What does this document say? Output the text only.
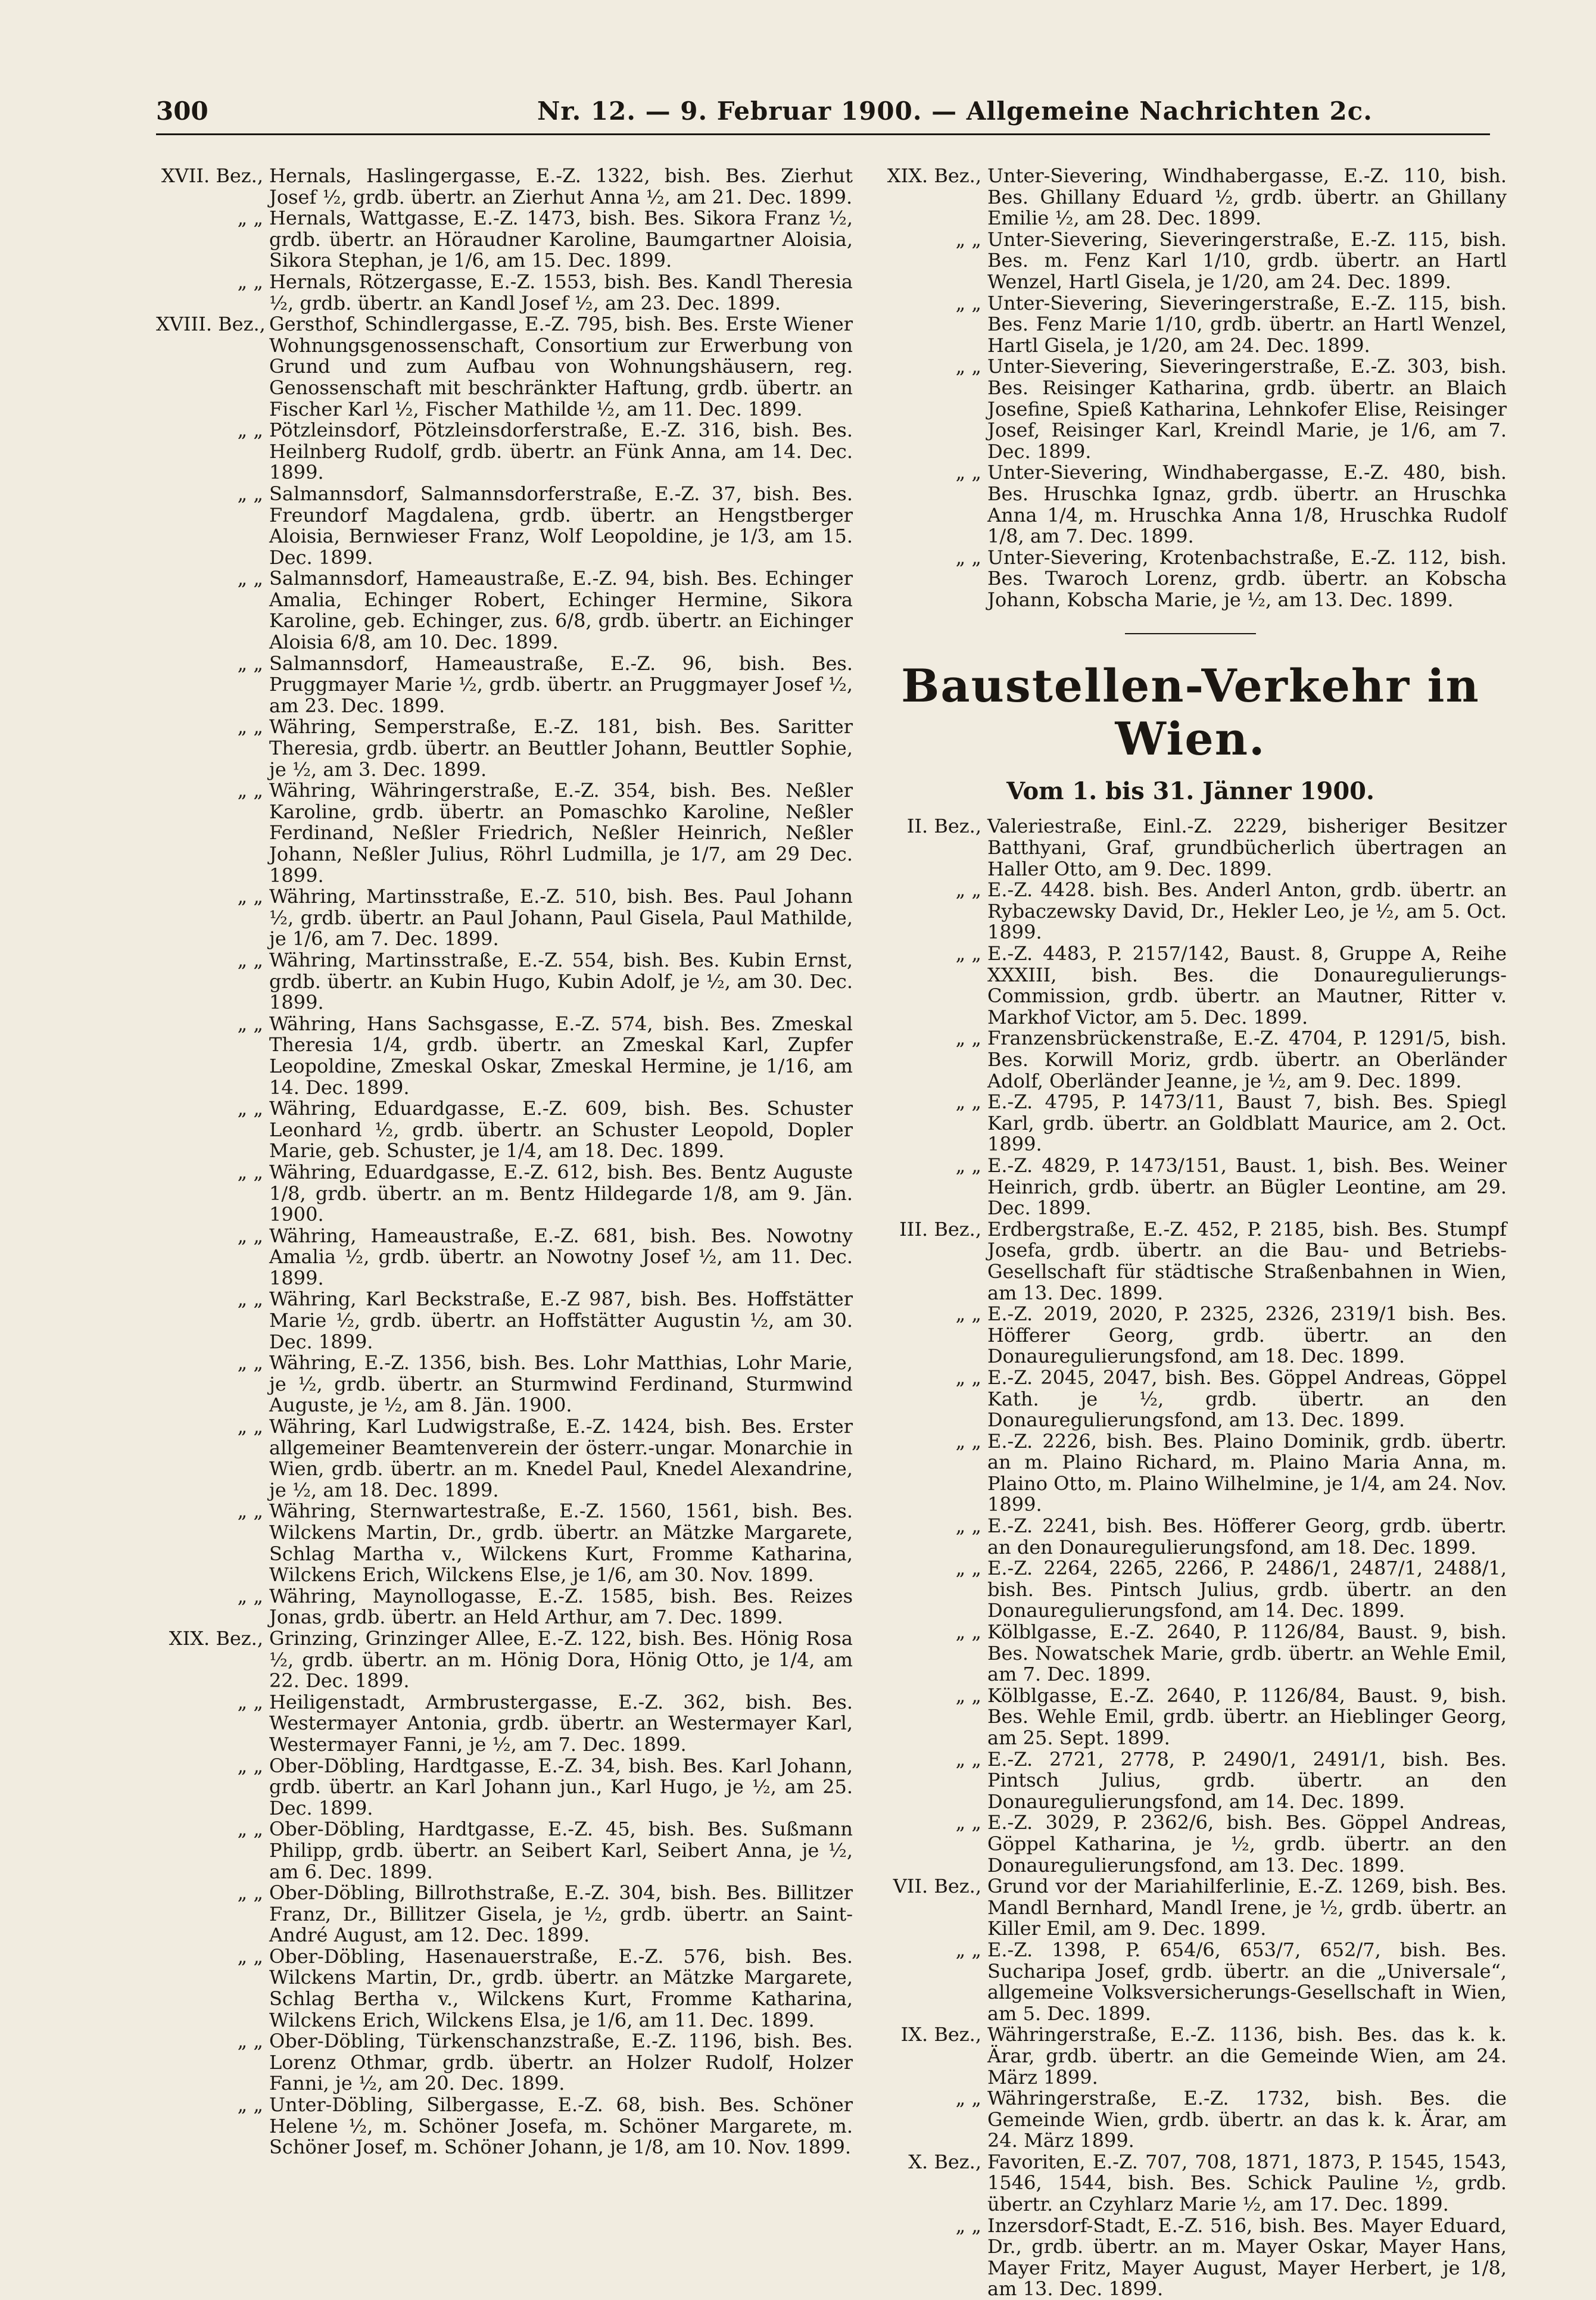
300	Nr. 12. — 9. Februar 1900. — Allgemeine Nachrichten 2c.
XVII. Bez., Hernals, Haslingergasse, E.-Z. 1322, bish. Bes. Zierhut Josef ½, grdb. übertr. an Zierhut Anna ½, am 21. Dec. 1899.
„ „ Hernals, Wattgasse, E.-Z. 1473, bish. Bes. Sikora Franz ½, grdb. übertr. an Höraudner Karoline, Baumgartner Aloisia, Sikora Stephan, je 1/6, am 15. Dec. 1899.
„ „ Hernals, Rötzergasse, E.-Z. 1553, bish. Bes. Kandl Theresia ½, grdb. übertr. an Kandl Josef ½, am 23. Dec. 1899.
XVIII. Bez., Gersthof, Schindlergasse, E.-Z. 795, bish. Bes. Erste Wiener Wohnungsgenossenschaft, Consortium zur Erwerbung von Grund und zum Aufbau von Wohnungshäusern, reg. Genossenschaft mit beschränkter Haftung, grdb. übertr. an Fischer Karl ½, Fischer Mathilde ½, am 11. Dec. 1899.
„ „ Pötzleinsdorf, Pötzleinsdorferstraße, E.-Z. 316, bish. Bes. Heilnberg Rudolf, grdb. übertr. an Fünk Anna, am 14. Dec. 1899.
„ „ Salmannsdorf, Salmannsdorferstraße, E.-Z. 37, bish. Bes. Freundorf Magdalena, grdb. übertr. an Hengstberger Aloisia, Bernwieser Franz, Wolf Leopoldine, je 1/3, am 15. Dec. 1899.
„ „ Salmannsdorf, Hameaustraße, E.-Z. 94, bish. Bes. Echinger Amalia, Echinger Robert, Echinger Hermine, Sikora Karoline, geb. Echinger, zus. 6/8, grdb. übertr. an Eichinger Aloisia 6/8, am 10. Dec. 1899.
„ „ Salmannsdorf, Hameaustraße, E.-Z. 96, bish. Bes. Pruggmayer Marie ½, grdb. übertr. an Pruggmayer Josef ½, am 23. Dec. 1899.
„ „ Währing, Semperstraße, E.-Z. 181, bish. Bes. Saritter Theresia, grdb. übertr. an Beuttler Johann, Beuttler Sophie, je ½, am 3. Dec. 1899.
„ „ Währing, Währingerstraße, E.-Z. 354, bish. Bes. Neßler Karoline, grdb. übertr. an Pomaschko Karoline, Neßler Ferdinand, Neßler Friedrich, Neßler Heinrich, Neßler Johann, Neßler Julius, Röhrl Ludmilla, je 1/7, am 29 Dec. 1899.
„ „ Währing, Martinsstraße, E.-Z. 510, bish. Bes. Paul Johann ½, grdb. übertr. an Paul Johann, Paul Gisela, Paul Mathilde, je 1/6, am 7. Dec. 1899.
„ „ Währing, Martinsstraße, E.-Z. 554, bish. Bes. Kubin Ernst, grdb. übertr. an Kubin Hugo, Kubin Adolf, je ½, am 30. Dec. 1899.
„ „ Währing, Hans Sachsgasse, E.-Z. 574, bish. Bes. Zmeskal Theresia 1/4, grdb. übertr. an Zmeskal Karl, Zupfer Leopoldine, Zmeskal Oskar, Zmeskal Hermine, je 1/16, am 14. Dec. 1899.
„ „ Währing, Eduardgasse, E.-Z. 609, bish. Bes. Schuster Leonhard ½, grdb. übertr. an Schuster Leopold, Dopler Marie, geb. Schuster, je 1/4, am 18. Dec. 1899.
„ „ Währing, Eduardgasse, E.-Z. 612, bish. Bes. Bentz Auguste 1/8, grdb. übertr. an m. Bentz Hildegarde 1/8, am 9. Jän. 1900.
„ „ Währing, Hameaustraße, E.-Z. 681, bish. Bes. Nowotny Amalia ½, grdb. übertr. an Nowotny Josef ½, am 11. Dec. 1899.
„ „ Währing, Karl Beckstraße, E.-Z 987, bish. Bes. Hoffstätter Marie ½, grdb. übertr. an Hoffstätter Augustin ½, am 30. Dec. 1899.
„ „ Währing, E.-Z. 1356, bish. Bes. Lohr Matthias, Lohr Marie, je ½, grdb. übertr. an Sturmwind Ferdinand, Sturmwind Auguste, je ½, am 8. Jän. 1900.
„ „ Währing, Karl Ludwigstraße, E.-Z. 1424, bish. Bes. Erster allgemeiner Beamtenverein der österr.-ungar. Monarchie in Wien, grdb. übertr. an m. Knedel Paul, Knedel Alexandrine, je ½, am 18. Dec. 1899.
„ „ Währing, Sternwartestraße, E.-Z. 1560, 1561, bish. Bes. Wilckens Martin, Dr., grdb. übertr. an Mätzke Margarete, Schlag Martha v., Wilckens Kurt, Fromme Katharina, Wilckens Erich, Wilckens Else, je 1/6, am 30. Nov. 1899.
„ „ Währing, Maynollogasse, E.-Z. 1585, bish. Bes. Reizes Jonas, grdb. übertr. an Held Arthur, am 7. Dec. 1899.
XIX. Bez., Grinzing, Grinzinger Allee, E.-Z. 122, bish. Bes. Hönig Rosa ½, grdb. übertr. an m. Hönig Dora, Hönig Otto, je 1/4, am 22. Dec. 1899.
„ „ Heiligenstadt, Armbrustergasse, E.-Z. 362, bish. Bes. Westermayer Antonia, grdb. übertr. an Westermayer Karl, Westermayer Fanni, je ½, am 7. Dec. 1899.
„ „ Ober-Döbling, Hardtgasse, E.-Z. 34, bish. Bes. Karl Johann, grdb. übertr. an Karl Johann jun., Karl Hugo, je ½, am 25. Dec. 1899.
„ „ Ober-Döbling, Hardtgasse, E.-Z. 45, bish. Bes. Sußmann Philipp, grdb. übertr. an Seibert Karl, Seibert Anna, je ½, am 6. Dec. 1899.
„ „ Ober-Döbling, Billrothstraße, E.-Z. 304, bish. Bes. Billitzer Franz, Dr., Billitzer Gisela, je ½, grdb. übertr. an Saint-André August, am 12. Dec. 1899.
„ „ Ober-Döbling, Hasenauerstraße, E.-Z. 576, bish. Bes. Wilckens Martin, Dr., grdb. übertr. an Mätzke Margarete, Schlag Bertha v., Wilckens Kurt, Fromme Katharina, Wilckens Erich, Wilckens Elsa, je 1/6, am 11. Dec. 1899.
„ „ Ober-Döbling, Türkenschanzstraße, E.-Z. 1196, bish. Bes. Lorenz Othmar, grdb. übertr. an Holzer Rudolf, Holzer Fanni, je ½, am 20. Dec. 1899.
„ „ Unter-Döbling, Silbergasse, E.-Z. 68, bish. Bes. Schöner Helene ½, m. Schöner Josefa, m. Schöner Margarete, m. Schöner Josef, m. Schöner Johann, je 1/8, am 10. Nov. 1899.
XIX. Bez., Unter-Sievering, Windhabergasse, E.-Z. 110, bish. Bes. Ghillany Eduard ½, grdb. übertr. an Ghillany Emilie ½, am 28. Dec. 1899.
„ „ Unter-Sievering, Sieveringerstraße, E.-Z. 115, bish. Bes. m. Fenz Karl 1/10, grdb. übertr. an Hartl Wenzel, Hartl Gisela, je 1/20, am 24. Dec. 1899.
„ „ Unter-Sievering, Sieveringerstraße, E.-Z. 115, bish. Bes. Fenz Marie 1/10, grdb. übertr. an Hartl Wenzel, Hartl Gisela, je 1/20, am 24. Dec. 1899.
„ „ Unter-Sievering, Sieveringerstraße, E.-Z. 303, bish. Bes. Reisinger Katharina, grdb. übertr. an Blaich Josefine, Spieß Katharina, Lehnkofer Elise, Reisinger Josef, Reisinger Karl, Kreindl Marie, je 1/6, am 7. Dec. 1899.
„ „ Unter-Sievering, Windhabergasse, E.-Z. 480, bish. Bes. Hruschka Ignaz, grdb. übertr. an Hruschka Anna 1/4, m. Hruschka Anna 1/8, Hruschka Rudolf 1/8, am 7. Dec. 1899.
„ „ Unter-Sievering, Krotenbachstraße, E.-Z. 112, bish. Bes. Twaroch Lorenz, grdb. übertr. an Kobscha Johann, Kobscha Marie, je ½, am 13. Dec. 1899.
Baustellen-Verkehr in Wien.
Vom 1. bis 31. Jänner 1900.
II. Bez., Valeriestraße, Einl.-Z. 2229, bisheriger Besitzer Batthyani, Graf, grundbücherlich übertragen an Haller Otto, am 9. Dec. 1899.
„ „ E.-Z. 4428. bish. Bes. Anderl Anton, grdb. übertr. an Rybaczewsky David, Dr., Hekler Leo, je ½, am 5. Oct. 1899.
„ „ E.-Z. 4483, P. 2157/142, Baust. 8, Gruppe A, Reihe XXXIII, bish. Bes. die Donauregulierungs-Commission, grdb. übertr. an Mautner, Ritter v. Markhof Victor, am 5. Dec. 1899.
„ „ Franzensbrückenstraße, E.-Z. 4704, P. 1291/5, bish. Bes. Korwill Moriz, grdb. übertr. an Oberländer Adolf, Oberländer Jeanne, je ½, am 9. Dec. 1899.
„ „ E.-Z. 4795, P. 1473/11, Baust 7, bish. Bes. Spiegl Karl, grdb. übertr. an Goldblatt Maurice, am 2. Oct. 1899.
„ „ E.-Z. 4829, P. 1473/151, Baust. 1, bish. Bes. Weiner Heinrich, grdb. übertr. an Bügler Leontine, am 29. Dec. 1899.
III. Bez., Erdbergstraße, E.-Z. 452, P. 2185, bish. Bes. Stumpf Josefa, grdb. übertr. an die Bau- und Betriebs-Gesellschaft für städtische Straßenbahnen in Wien, am 13. Dec. 1899.
„ „ E.-Z. 2019, 2020, P. 2325, 2326, 2319/1 bish. Bes. Höfferer Georg, grdb. übertr. an den Donauregulierungsfond, am 18. Dec. 1899.
„ „ E.-Z. 2045, 2047, bish. Bes. Göppel Andreas, Göppel Kath. je ½, grdb. übertr. an den Donauregulierungsfond, am 13. Dec. 1899.
„ „ E.-Z. 2226, bish. Bes. Plaino Dominik, grdb. übertr. an m. Plaino Richard, m. Plaino Maria Anna, m. Plaino Otto, m. Plaino Wilhelmine, je 1/4, am 24. Nov. 1899.
„ „ E.-Z. 2241, bish. Bes. Höfferer Georg, grdb. übertr. an den Donauregulierungsfond, am 18. Dec. 1899.
„ „ E.-Z. 2264, 2265, 2266, P. 2486/1, 2487/1, 2488/1, bish. Bes. Pintsch Julius, grdb. übertr. an den Donauregulierungsfond, am 14. Dec. 1899.
„ „ Kölblgasse, E.-Z. 2640, P. 1126/84, Baust. 9, bish. Bes. Nowatschek Marie, grdb. übertr. an Wehle Emil, am 7. Dec. 1899.
„ „ Kölblgasse, E.-Z. 2640, P. 1126/84, Baust. 9, bish. Bes. Wehle Emil, grdb. übertr. an Hieblinger Georg, am 25. Sept. 1899.
„ „ E.-Z. 2721, 2778, P. 2490/1, 2491/1, bish. Bes. Pintsch Julius, grdb. übertr. an den Donauregulierungsfond, am 14. Dec. 1899.
„ „ E.-Z. 3029, P. 2362/6, bish. Bes. Göppel Andreas, Göppel Katharina, je ½, grdb. übertr. an den Donauregulierungsfond, am 13. Dec. 1899.
VII. Bez., Grund vor der Mariahilferlinie, E.-Z. 1269, bish. Bes. Mandl Bernhard, Mandl Irene, je ½, grdb. übertr. an Killer Emil, am 9. Dec. 1899.
„ „ E.-Z. 1398, P. 654/6, 653/7, 652/7, bish. Bes. Sucharipa Josef, grdb. übertr. an die „Universale“, allgemeine Volksversicherungs-Gesellschaft in Wien, am 5. Dec. 1899.
IX. Bez., Währingerstraße, E.-Z. 1136, bish. Bes. das k. k. Ärar, grdb. übertr. an die Gemeinde Wien, am 24. März 1899.
„ „ Währingerstraße, E.-Z. 1732, bish. Bes. die Gemeinde Wien, grdb. übertr. an das k. k. Ärar, am 24. März 1899.
X. Bez., Favoriten, E.-Z. 707, 708, 1871, 1873, P. 1545, 1543, 1546, 1544, bish. Bes. Schick Pauline ½, grdb. übertr. an Czyhlarz Marie ½, am 17. Dec. 1899.
„ „ Inzersdorf-Stadt, E.-Z. 516, bish. Bes. Mayer Eduard, Dr., grdb. übertr. an m. Mayer Oskar, Mayer Hans, Mayer Fritz, Mayer August, Mayer Herbert, je 1/8, am 13. Dec. 1899.
